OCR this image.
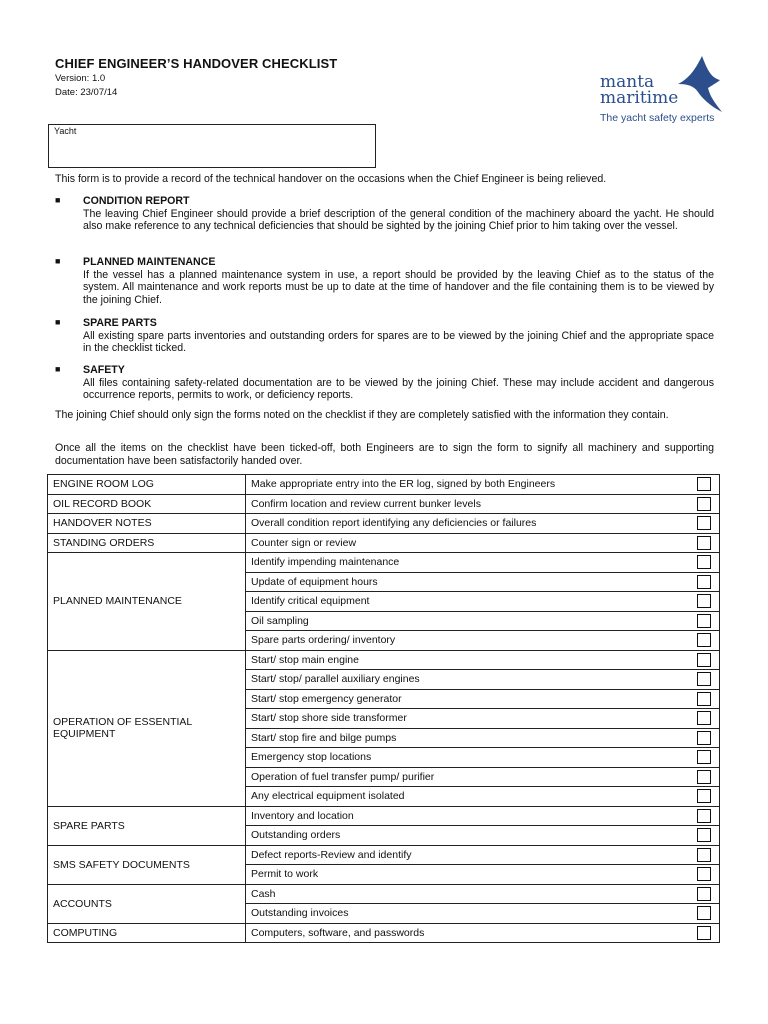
CHIEF ENGINEER’S HANDOVER CHECKLIST
Version: 1.0
Date: 23/07/14
manta
maritime
The yacht safety experts
Yacht
This form is to provide a record of the technical handover on the occasions when the Chief Engineer is being relieved.
■ CONDITION REPORT
The leaving Chief Engineer should provide a brief description of the general condition of the machinery aboard the yacht. He should also make reference to any technical deficiencies that should be sighted by the joining Chief prior to him taking over the vessel.
■ PLANNED MAINTENANCE
If the vessel has a planned maintenance system in use, a report should be provided by the leaving Chief as to the status of the system. All maintenance and work reports must be up to date at the time of handover and the file containing them is to be viewed by the joining Chief.
■ SPARE PARTS
All existing spare parts inventories and outstanding orders for spares are to be viewed by the joining Chief and the appropriate space in the checklist ticked.
■ SAFETY
All files containing safety-related documentation are to be viewed by the joining Chief. These may include accident and dangerous occurrence reports, permits to work, or deficiency reports.
The joining Chief should only sign the forms noted on the checklist if they are completely satisfied with the information they contain.
Once all the items on the checklist have been ticked-off, both Engineers are to sign the form to signify all machinery and supporting documentation have been satisfactorily handed over.
ENGINE ROOM LOG	Make appropriate entry into the ER log, signed by both Engineers	
OIL RECORD BOOK	Confirm location and review current bunker levels	
HANDOVER NOTES	Overall condition report identifying any deficiencies or failures	
STANDING ORDERS	Counter sign or review	
PLANNED MAINTENANCE	Identify impending maintenance	
	Update of equipment hours	
	Identify critical equipment	
	Oil sampling	
	Spare parts ordering/ inventory	
OPERATION OF ESSENTIAL EQUIPMENT	Start/ stop main engine	
	Start/ stop/ parallel auxiliary engines	
	Start/ stop emergency generator	
	Start/ stop shore side transformer	
	Start/ stop fire and bilge pumps	
	Emergency stop locations	
	Operation of fuel transfer pump/ purifier	
	Any electrical equipment isolated	
SPARE PARTS	Inventory and location	
	Outstanding orders	
SMS SAFETY DOCUMENTS	Defect reports-Review and identify	
	Permit to work	
ACCOUNTS	Cash	
	Outstanding invoices	
COMPUTING	Computers, software, and passwords	
